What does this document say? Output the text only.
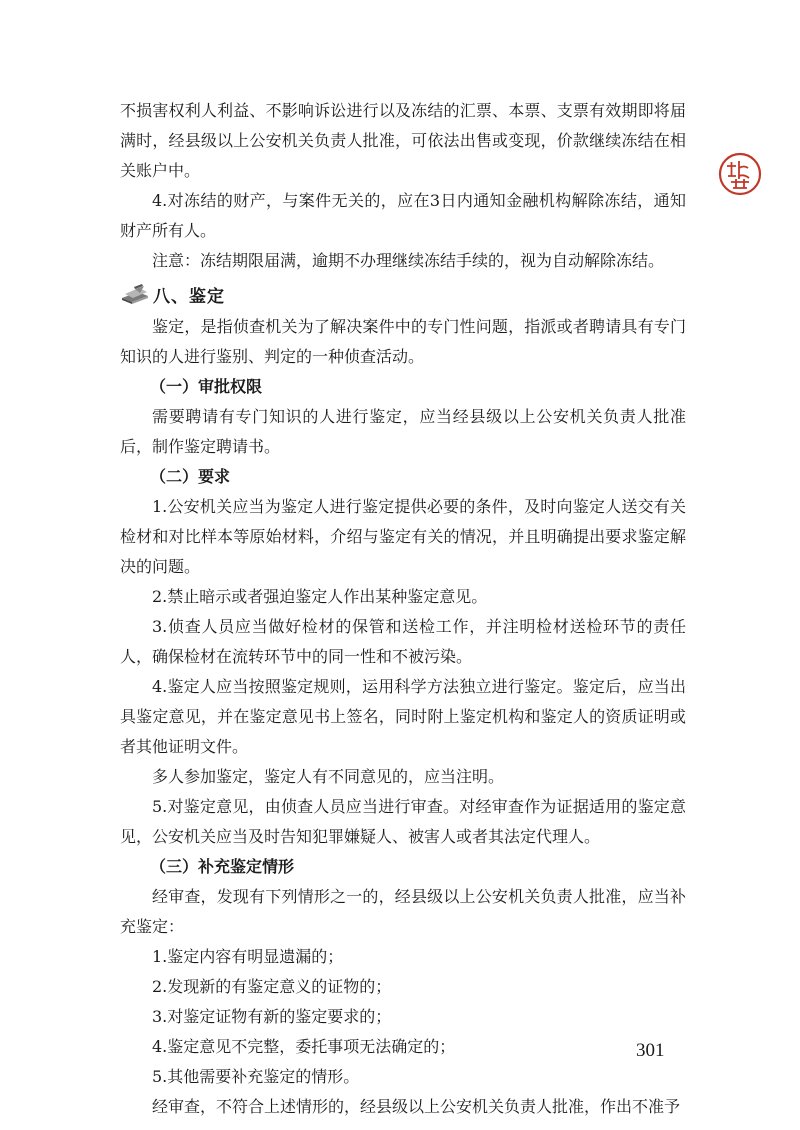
不损害权利人利益、不影响诉讼进行以及冻结的汇票、本票、支票有效期即将届满时，经县级以上公安机关负责人批准，可依法出售或变现，价款继续冻结在相关账户中。

4.对冻结的财产，与案件无关的，应在3日内通知金融机构解除冻结，通知财产所有人。

注意：冻结期限届满，逾期不办理继续冻结手续的，视为自动解除冻结。

八、鉴定

鉴定，是指侦查机关为了解决案件中的专门性问题，指派或者聘请具有专门知识的人进行鉴别、判定的一种侦查活动。

（一）审批权限

需要聘请有专门知识的人进行鉴定，应当经县级以上公安机关负责人批准后，制作鉴定聘请书。

（二）要求

1.公安机关应当为鉴定人进行鉴定提供必要的条件，及时向鉴定人送交有关检材和对比样本等原始材料，介绍与鉴定有关的情况，并且明确提出要求鉴定解决的问题。

2.禁止暗示或者强迫鉴定人作出某种鉴定意见。

3.侦查人员应当做好检材的保管和送检工作，并注明检材送检环节的责任人，确保检材在流转环节中的同一性和不被污染。

4.鉴定人应当按照鉴定规则，运用科学方法独立进行鉴定。鉴定后，应当出具鉴定意见，并在鉴定意见书上签名，同时附上鉴定机构和鉴定人的资质证明或者其他证明文件。

多人参加鉴定，鉴定人有不同意见的，应当注明。

5.对鉴定意见，由侦查人员应当进行审查。对经审查作为证据适用的鉴定意见，公安机关应当及时告知犯罪嫌疑人、被害人或者其法定代理人。

（三）补充鉴定情形

经审查，发现有下列情形之一的，经县级以上公安机关负责人批准，应当补充鉴定：

1.鉴定内容有明显遗漏的；

2.发现新的有鉴定意义的证物的；

3.对鉴定证物有新的鉴定要求的；

4.鉴定意见不完整，委托事项无法确定的；

5.其他需要补充鉴定的情形。

经审查，不符合上述情形的，经县级以上公安机关负责人批准，作出不准予

301
